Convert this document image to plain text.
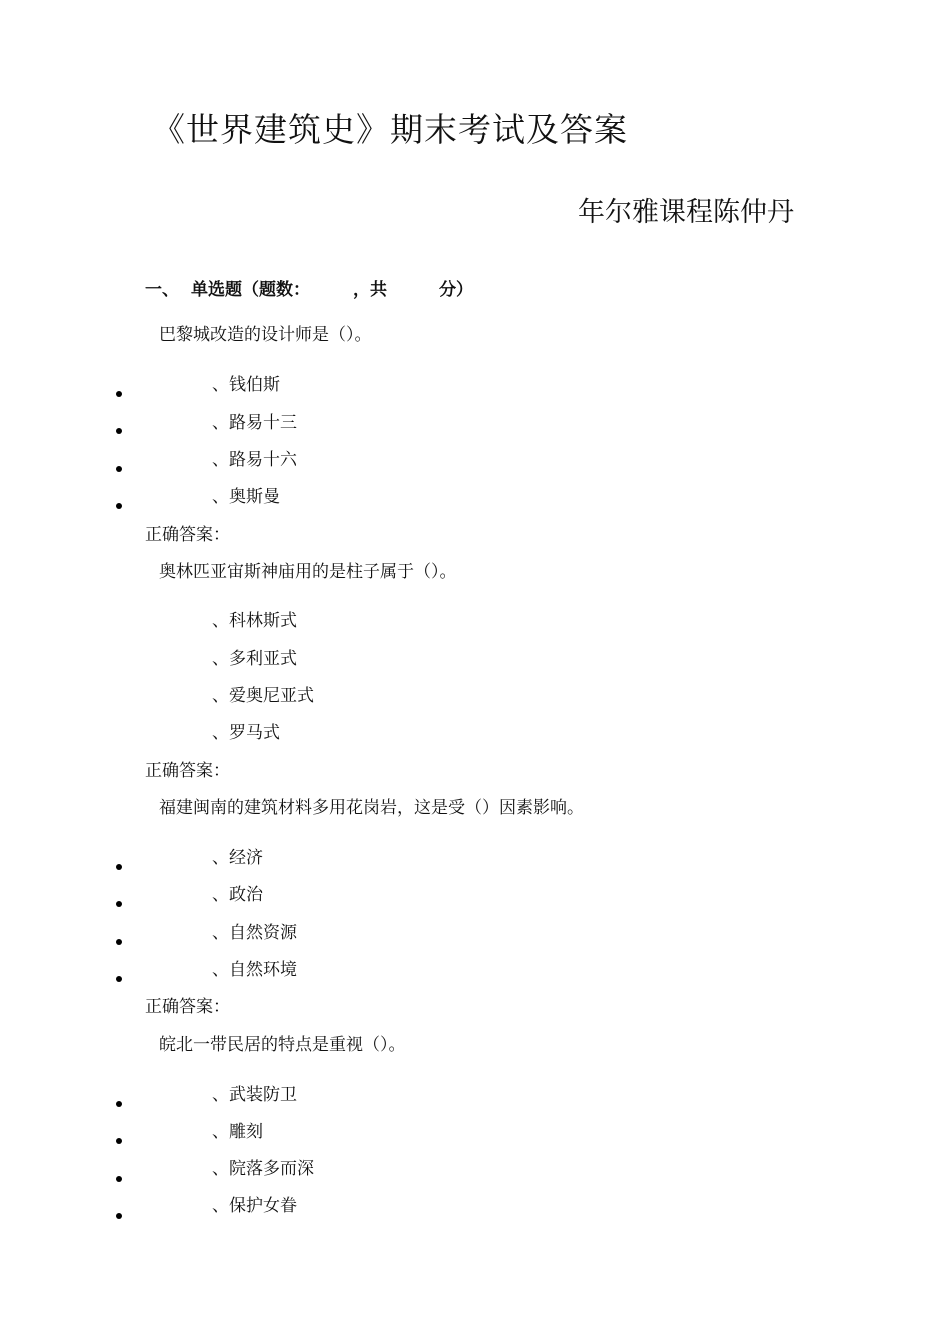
《世界建筑史》期末考试及答案
年尔雅课程陈仲丹
一、 单选题（题数：	，共	分）
巴黎城改造的设计师是（）。
、钱伯斯
、路易十三
、路易十六
、奥斯曼
正确答案：
奥林匹亚宙斯神庙用的是柱子属于（）。
、科林斯式
、多利亚式
、爱奥尼亚式
、罗马式
正确答案：
福建闽南的建筑材料多用花岗岩，这是受（）因素影响。
、经济
、政治
、自然资源
、自然环境
正确答案：
皖北一带民居的特点是重视（）。
、武装防卫
、雕刻
、院落多而深
、保护女眷
